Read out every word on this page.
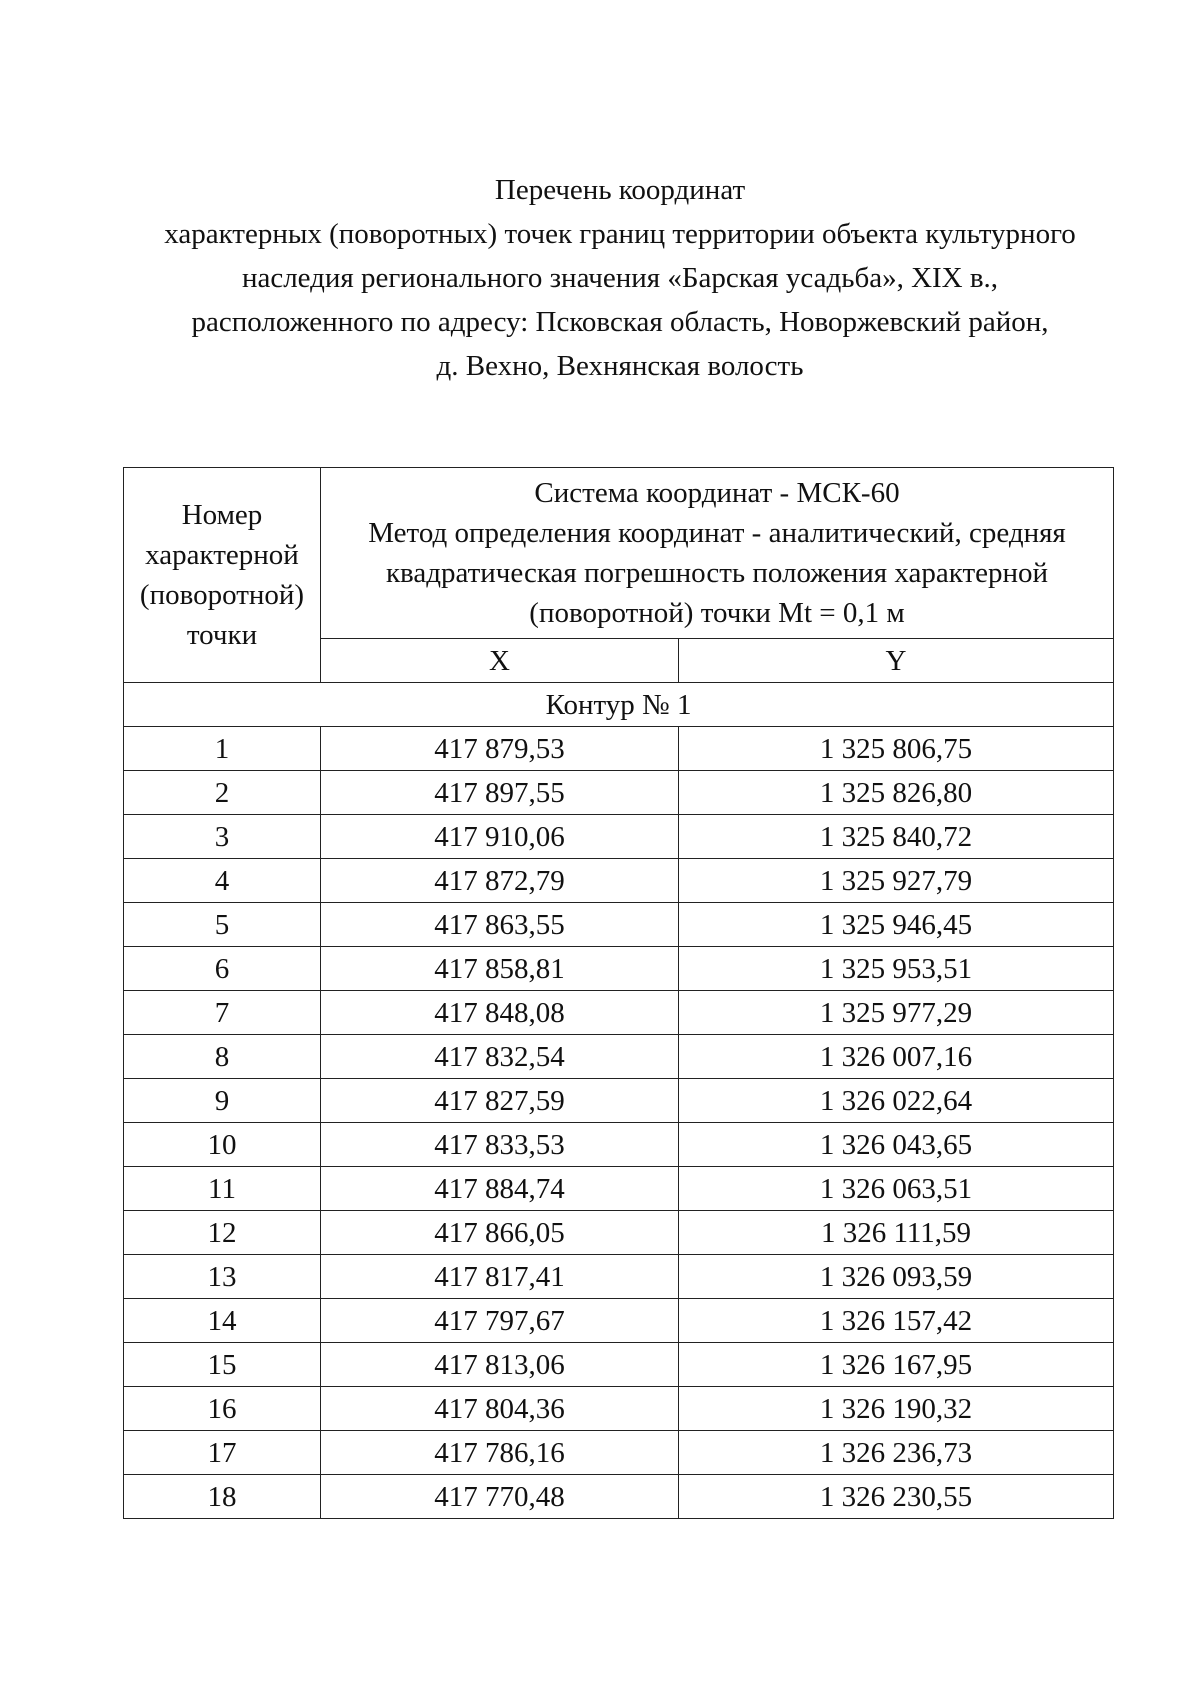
Перечень координат
характерных (поворотных) точек границ территории объекта культурного
наследия регионального значения «Барская усадьба», XIX в.,
расположенного по адресу: Псковская область, Новоржевский район,
д. Вехно, Вехнянская волость
Номер
характерной
(поворотной)
точки	Система координат - МСК-60
Метод определения координат - аналитический, средняя
квадратическая погрешность положения характерной
(поворотной) точки Mt = 0,1 м	

	X	Y
Контур № 1		
1	417 879,53	1 325 806,75
2	417 897,55	1 325 826,80
3	417 910,06	1 325 840,72
4	417 872,79	1 325 927,79
5	417 863,55	1 325 946,45
6	417 858,81	1 325 953,51
7	417 848,08	1 325 977,29
8	417 832,54	1 326 007,16
9	417 827,59	1 326 022,64
10	417 833,53	1 326 043,65
11	417 884,74	1 326 063,51
12	417 866,05	1 326 111,59
13	417 817,41	1 326 093,59
14	417 797,67	1 326 157,42
15	417 813,06	1 326 167,95
16	417 804,36	1 326 190,32
17	417 786,16	1 326 236,73
18	417 770,48	1 326 230,55
